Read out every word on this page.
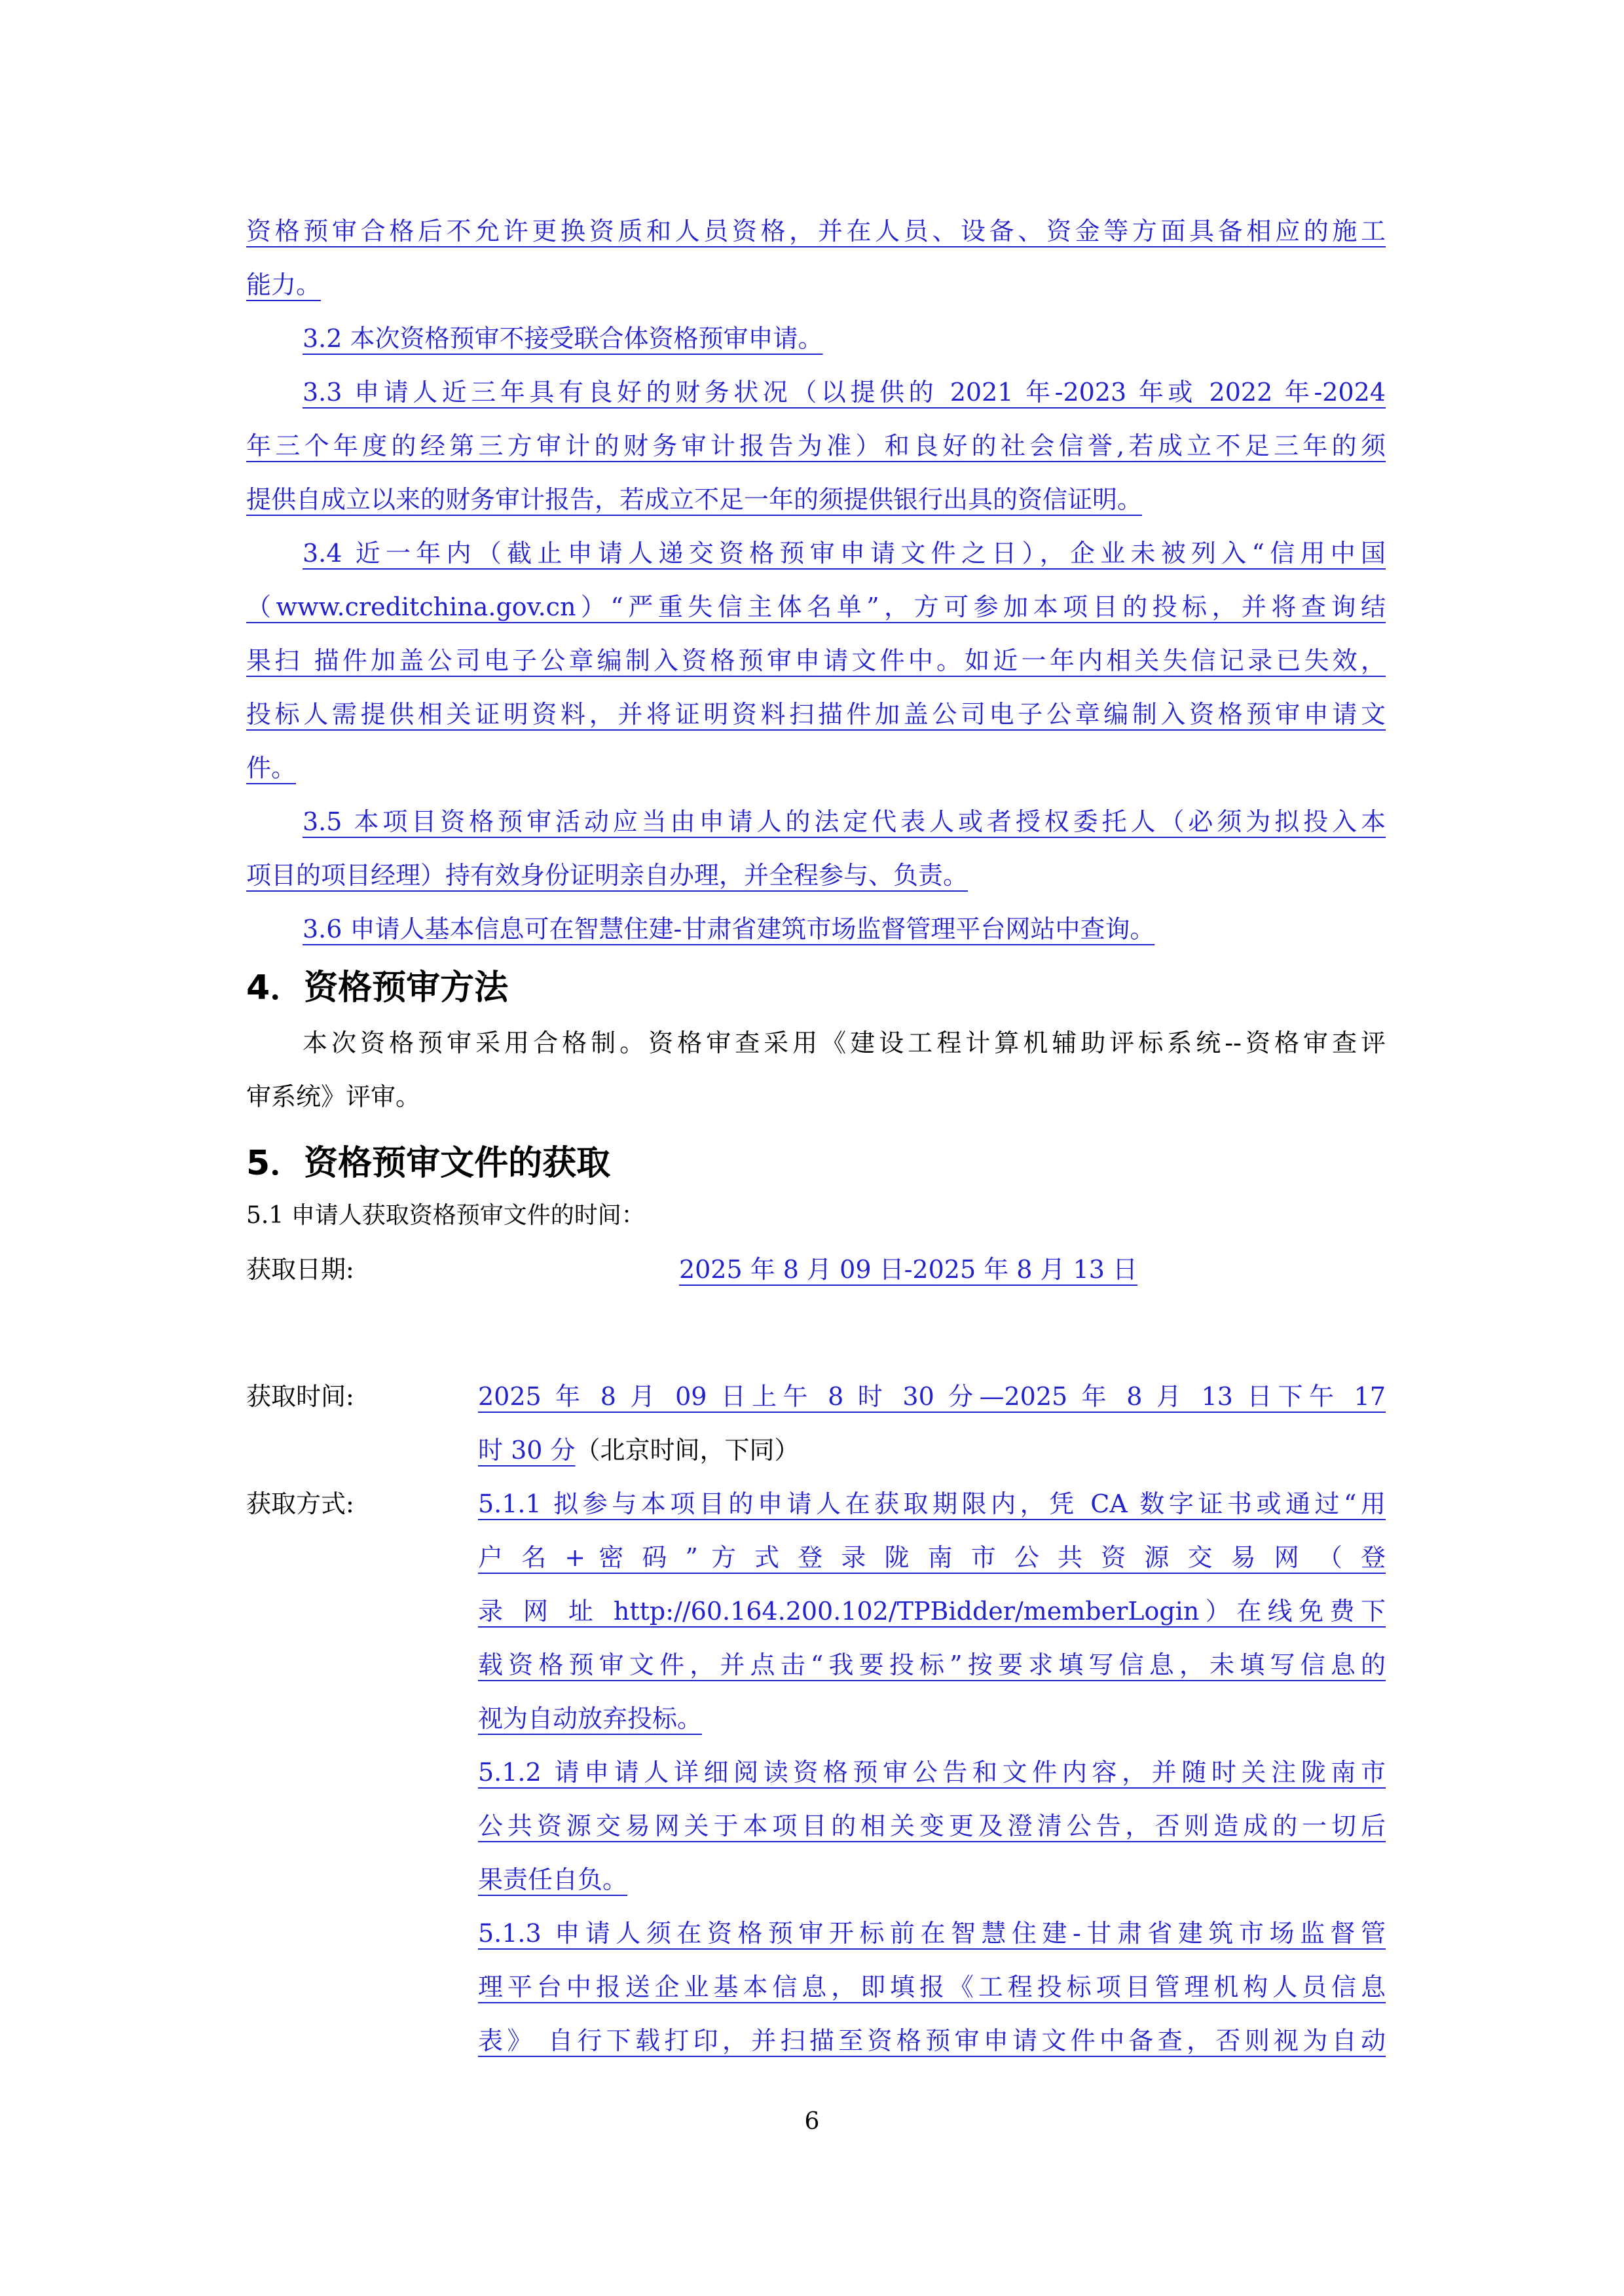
资格预审合格后不允许更换资质和人员资格，并在人员、设备、资金等方面具备相应的施工
能力。
3.2 本次资格预审不接受联合体资格预审申请。
3.3 申请人近三年具有良好的财务状况（以提供的 2021 年-2023 年或 2022 年-2024
年三个年度的经第三方审计的财务审计报告为准）和良好的社会信誉,若成立不足三年的须
提供自成立以来的财务审计报告，若成立不足一年的须提供银行出具的资信证明。
3.4 近一年内（截止申请人递交资格预审申请文件之日），企业未被列入“信用中国
（www.creditchina.gov.cn）“严重失信主体名单”，方可参加本项目的投标，并将查询结
果扫 描件加盖公司电子公章编制入资格预审申请文件中。如近一年内相关失信记录已失效，
投标人需提供相关证明资料，并将证明资料扫描件加盖公司电子公章编制入资格预审申请文
件。
3.5 本项目资格预审活动应当由申请人的法定代表人或者授权委托人（必须为拟投入本
项目的项目经理）持有效身份证明亲自办理，并全程参与、负责。
3.6 申请人基本信息可在智慧住建-甘肃省建筑市场监督管理平台网站中查询。
4．资格预审方法
本次资格预审采用合格制。资格审查采用《建设工程计算机辅助评标系统--资格审查评
审系统》评审。
5．资格预审文件的获取
5.1 申请人获取资格预审文件的时间：
获取日期:	2025 年 8 月 09 日-2025 年 8 月 13 日
获取时间:	2025 年 8 月 09 日上午 8 时 30 分—2025 年 8 月 13 日下午 17
时 30 分（北京时间，下同）
获取方式:	5.1.1 拟参与本项目的申请人在获取期限内，凭 CA 数字证书或通过“用
户 名 + 密 码 ” 方 式 登 录 陇 南 市 公 共 资 源 交 易 网 （ 登
录 网 址 http://60.164.200.102/TPBidder/memberLogin）在线免费下
载资格预审文件，并点击“我要投标”按要求填写信息，未填写信息的
视为自动放弃投标。
5.1.2 请申请人详细阅读资格预审公告和文件内容，并随时关注陇南市
公共资源交易网关于本项目的相关变更及澄清公告，否则造成的一切后
果责任自负。
5.1.3 申请人须在资格预审开标前在智慧住建-甘肃省建筑市场监督管
理平台中报送企业基本信息，即填报《工程投标项目管理机构人员信息
表》 自行下载打印，并扫描至资格预审申请文件中备查，否则视为自动
6
